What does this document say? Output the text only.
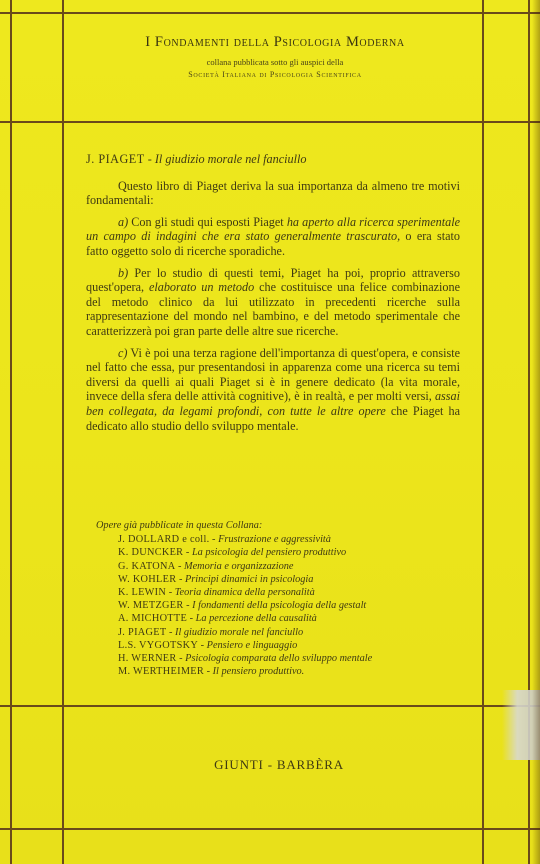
I Fondamenti della Psicologia Moderna
collana pubblicata sotto gli auspici della
Società Italiana di Psicologia Scientifica
J. PIAGET - Il giudizio morale nel fanciullo

Questo libro di Piaget deriva la sua importanza da almeno tre motivi fondamentali:

a) Con gli studi qui esposti Piaget ha aperto alla ricerca sperimentale un campo di indagini che era stato generalmente trascurato, o era stato fatto oggetto solo di ricerche sporadiche.

b) Per lo studio di questi temi, Piaget ha poi, proprio attraverso quest'opera, elaborato un metodo che costituisce una felice combinazione del metodo clinico da lui utilizzato in precedenti ricerche sulla rappresentazione del mondo nel bambino, e del metodo sperimentale che caratterizzerà poi gran parte delle altre sue ricerche.

c) Vi è poi una terza ragione dell'importanza di quest'opera, e consiste nel fatto che essa, pur presentandosi in apparenza come una ricerca su temi diversi da quelli ai quali Piaget si è in genere dedicato (la vita morale, invece della sfera delle attività cognitive), è in realtà, e per molti versi, assai ben collegata, da legami profondi, con tutte le altre opere che Piaget ha dedicato allo studio dello sviluppo mentale.

Opere già pubblicate in questa Collana:
J. DOLLARD e coll. - Frustrazione e aggressività
K. DUNCKER - La psicologia del pensiero produttivo
G. KATONA - Memoria e organizzazione
W. KOHLER - Principi dinamici in psicologia
K. LEWIN - Teoria dinamica della personalità
W. METZGER - I fondamenti della psicologia della gestalt
A. MICHOTTE - La percezione della causalità
J. PIAGET - Il giudizio morale nel fanciullo
L.S. VYGOTSKY - Pensiero e linguaggio
H. WERNER - Psicologia comparata dello sviluppo mentale
M. WERTHEIMER - Il pensiero produttivo.
GIUNTI - BARBÈRA
